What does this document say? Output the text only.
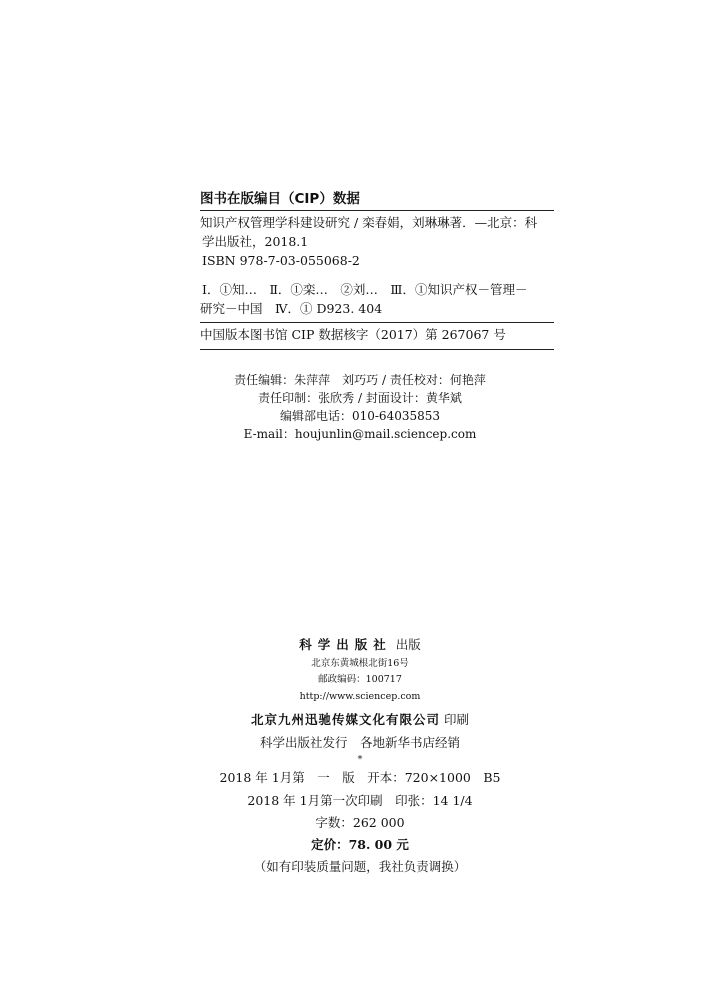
图书在版编目（CIP）数据
知识产权管理学科建设研究 / 栾春娟，刘琳琳著．—北京：科
学出版社，2018.1
ISBN 978-7-03-055068-2
Ⅰ．①知…　Ⅱ．①栾…　②刘…　Ⅲ．①知识产权－管理－
研究－中国　Ⅳ．① D923. 404
中国版本图书馆 CIP 数据核字（2017）第 267067 号
责任编辑：朱萍萍　刘巧巧 / 责任校对：何艳萍
责任印制：张欣秀 / 封面设计：黄华斌
编辑部电话：010-64035853
E-mail：houjunlin@mail.sciencep.com
科学出版社 出版
北京东黄城根北街16号
邮政编码：100717
http://www.sciencep.com
北京九州迅驰传媒文化有限公司 印刷
科学出版社发行　各地新华书店经销
*
2018 年 1月第　一　版　开本：720×1000　B5
2018 年 1月第一次印刷　印张：14 1/4
字数：262 000
定价：78. 00 元
（如有印装质量问题，我社负责调换）
